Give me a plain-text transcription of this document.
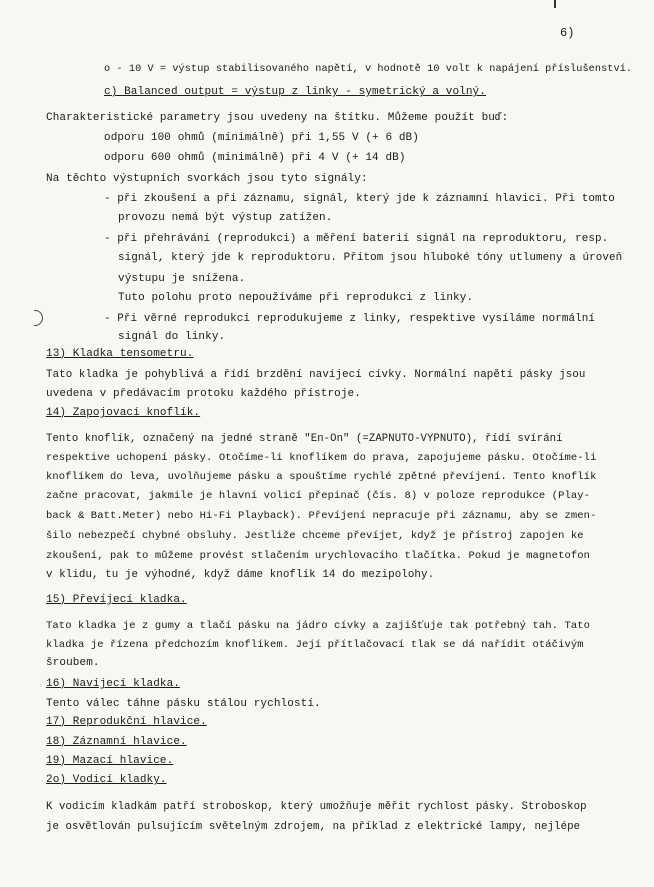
6)
o - 10 V = výstup stabilisovaného napětí, v hodnotě 10 volt k napájení příslušenství.
c) Balanced output = výstup z linky - symetrický a volný.
Charakteristické parametry jsou uvedeny na štítku. Můžeme použít buď:
odporu 100 ohmů (minimálně) při 1,55 V (+ 6 dB)
odporu 600 ohmů (minimálně) při 4 V (+ 14 dB)
Na těchto výstupních svorkách jsou tyto signály:
- při zkoušení a při záznamu, signál, který jde k záznamní hlavici. Při tomto
provozu nemá být výstup zatížen.
- při přehrávání (reprodukci) a měření baterií signál na reproduktoru, resp.
signál, který jde k reproduktoru. Přitom jsou hluboké tóny utlumeny a úroveň
výstupu je snížena.
Tuto polohu proto nepoužíváme při reprodukci z linky.
- Při věrné reprodukci reprodukujeme z linky, respektive vysíláme normální
signál do linky.
13) Kladka tensometru.
Tato kladka je pohyblivá a řídí brzdění navíjecí cívky. Normální napětí pásky jsou
uvedena v předávacím protoku každého přístroje.
14) Zapojovací knoflík.
Tento knoflík, označený na jedné straně "En-On" (=ZAPNUTO-VYPNUTO), řídí svírání
respektive uchopení pásky. Otočíme-li knoflíkem do prava, zapojujeme pásku. Otočíme-li
knoflíkem do leva, uvolňujeme pásku a spouštíme rychlé zpětné převíjení. Tento knoflík
začne pracovat, jakmile je hlavní volicí přepinač (čís. 8) v poloze reprodukce (Play-
back & Batt.Meter) nebo Hi-Fi Playback). Převíjení nepracuje při záznamu, aby se zmen-
šilo nebezpečí chybné obsluhy. Jestliže chceme převíjet, když je přístroj zapojen ke
zkoušení, pak to můžeme provést stlačením urychlovacího tlačítka. Pokud je magnetofon
v klidu, tu je výhodné, když dáme knoflík 14 do mezipolohy.
15) Převíjecí kladka.
Tato kladka je z gumy a tlačí pásku na jádro cívky a zajišťuje tak potřebný tah. Tato
kladka je řízena předchozím knoflíkem. Její přítlačovací tlak se dá nařídit otáčivým
šroubem.
16) Navíjecí kladka.
Tento válec táhne pásku stálou rychlostí.
17) Reprodukční hlavice.
18) Záznamní hlavice.
19) Mazací hlavice.
2o) Vodicí kladky.
K vodicím kladkám patří stroboskop, který umožňuje měřit rychlost pásky. Stroboskop
je osvětlován pulsujícím světelným zdrojem, na příklad z elektrické lampy, nejlépe
